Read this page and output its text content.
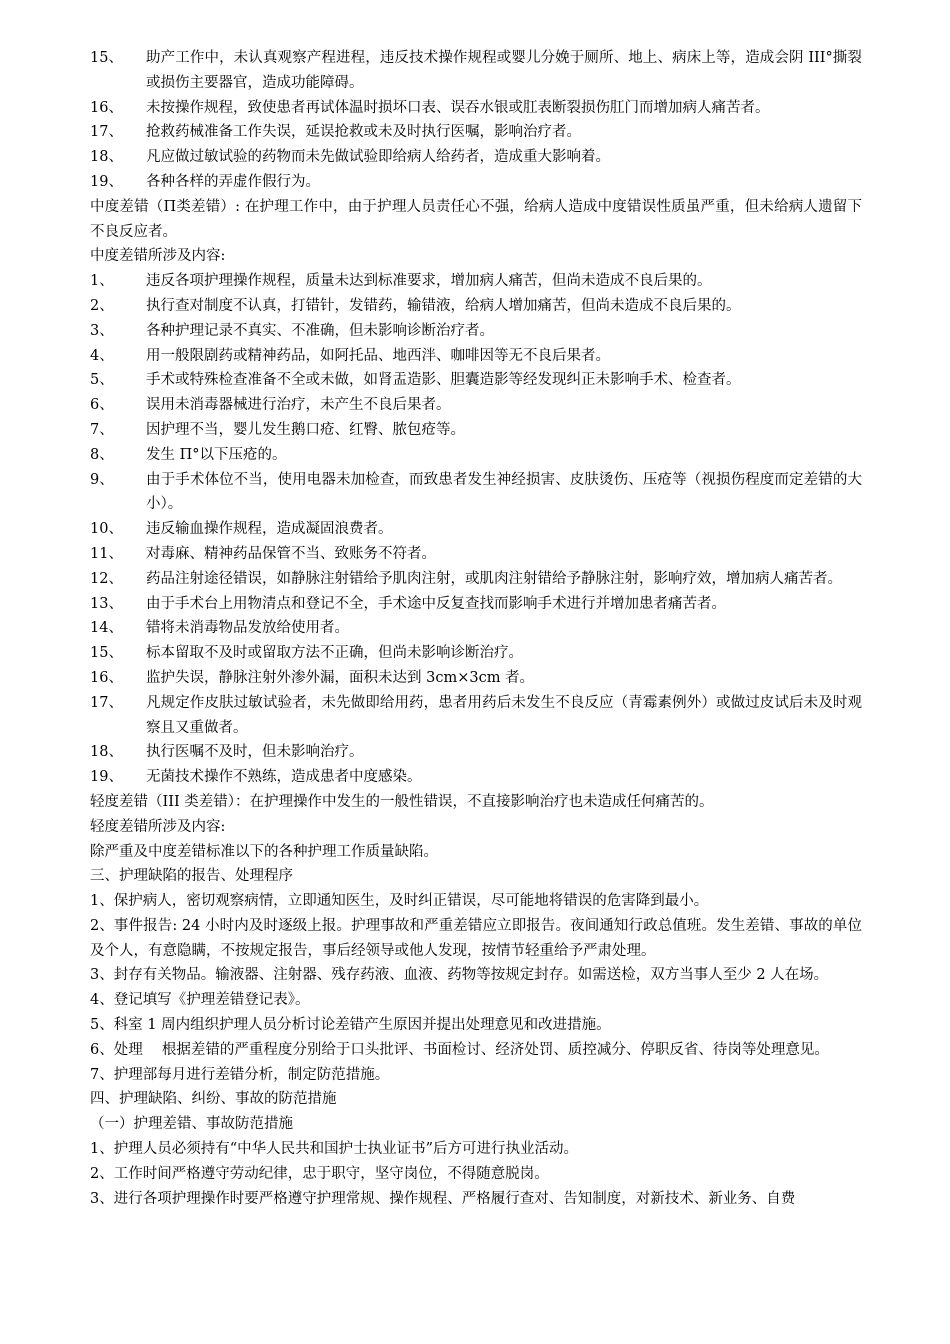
15、	助产工作中，未认真观察产程进程，违反技术操作规程或婴儿分娩于厕所、地上、病床上等，造成会阴 III°撕裂或损伤主要器官，造成功能障碍。
16、	未按操作规程，致使患者再试体温时损坏口表、误吞水银或肛表断裂损伤肛门而增加病人痛苦者。
17、	抢救药械准备工作失误，延误抢救或未及时执行医嘱，影响治疗者。
18、	凡应做过敏试验的药物而未先做试验即给病人给药者，造成重大影响着。
19、	各种各样的弄虚作假行为。
中度差错（Π类差错）: 在护理工作中，由于护理人员责任心不强，给病人造成中度错误性质虽严重，但未给病人遗留下不良反应者。
中度差错所涉及内容:
1、	违反各项护理操作规程，质量未达到标准要求，增加病人痛苦，但尚未造成不良后果的。
2、	执行查对制度不认真，打错针，发错药，输错液，给病人增加痛苦，但尚未造成不良后果的。
3、	各种护理记录不真实、不准确，但未影响诊断治疗者。
4、	用一般限剧药或精神药品，如阿托品、地西泮、咖啡因等无不良后果者。
5、	手术或特殊检查准备不全或未做，如肾盂造影、胆囊造影等经发现纠正未影响手术、检查者。
6、	误用未消毒器械进行治疗，未产生不良后果者。
7、	因护理不当，婴儿发生鹅口疮、红臀、脓包疮等。
8、	发生 Π°以下压疮的。
9、	由于手术体位不当，使用电器未加检查，而致患者发生神经损害、皮肤烫伤、压疮等（视损伤程度而定差错的大小）。
10、	违反输血操作规程，造成凝固浪费者。
11、	对毒麻、精神药品保管不当、致账务不符者。
12、	药品注射途径错误，如静脉注射错给予肌肉注射，或肌肉注射错给予静脉注射，影响疗效，增加病人痛苦者。
13、	由于手术台上用物清点和登记不全，手术途中反复查找而影响手术进行并增加患者痛苦者。
14、	错将未消毒物品发放给使用者。
15、	标本留取不及时或留取方法不正确，但尚未影响诊断治疗。
16、	监护失误，静脉注射外渗外漏，面积未达到 3cm×3cm 者。
17、	凡规定作皮肤过敏试验者，未先做即给用药，患者用药后未发生不良反应（青霉素例外）或做过皮试后未及时观察且又重做者。
18、	执行医嘱不及时，但未影响治疗。
19、	无菌技术操作不熟练，造成患者中度感染。
轻度差错（III 类差错）：在护理操作中发生的一般性错误，不直接影响治疗也未造成任何痛苦的。
轻度差错所涉及内容:
除严重及中度差错标准以下的各种护理工作质量缺陷。
三、护理缺陷的报告、处理程序
1、保护病人，密切观察病情，立即通知医生，及时纠正错误，尽可能地将错误的危害降到最小。
2、事件报告: 24 小时内及时逐级上报。护理事故和严重差错应立即报告。夜间通知行政总值班。发生差错、事故的单位及个人，有意隐瞒，不按规定报告，事后经领导或他人发现，按情节轻重给予严肃处理。
3、封存有关物品。输液器、注射器、残存药液、血液、药物等按规定封存。如需送检，双方当事人至少 2 人在场。
4、登记填写《护理差错登记表》。
5、科室 1 周内组织护理人员分析讨论差错产生原因并提出处理意见和改进措施。
6、处理　 根据差错的严重程度分别给于口头批评、书面检讨、经济处罚、质控减分、停职反省、待岗等处理意见。
7、护理部每月进行差错分析，制定防范措施。
四、护理缺陷、纠纷、事故的防范措施
（一）护理差错、事故防范措施
1、护理人员必须持有“中华人民共和国护士执业证书”后方可进行执业活动。
2、工作时间严格遵守劳动纪律，忠于职守，坚守岗位，不得随意脱岗。
3、进行各项护理操作时要严格遵守护理常规、操作规程、严格履行查对、告知制度，对新技术、新业务、自费
